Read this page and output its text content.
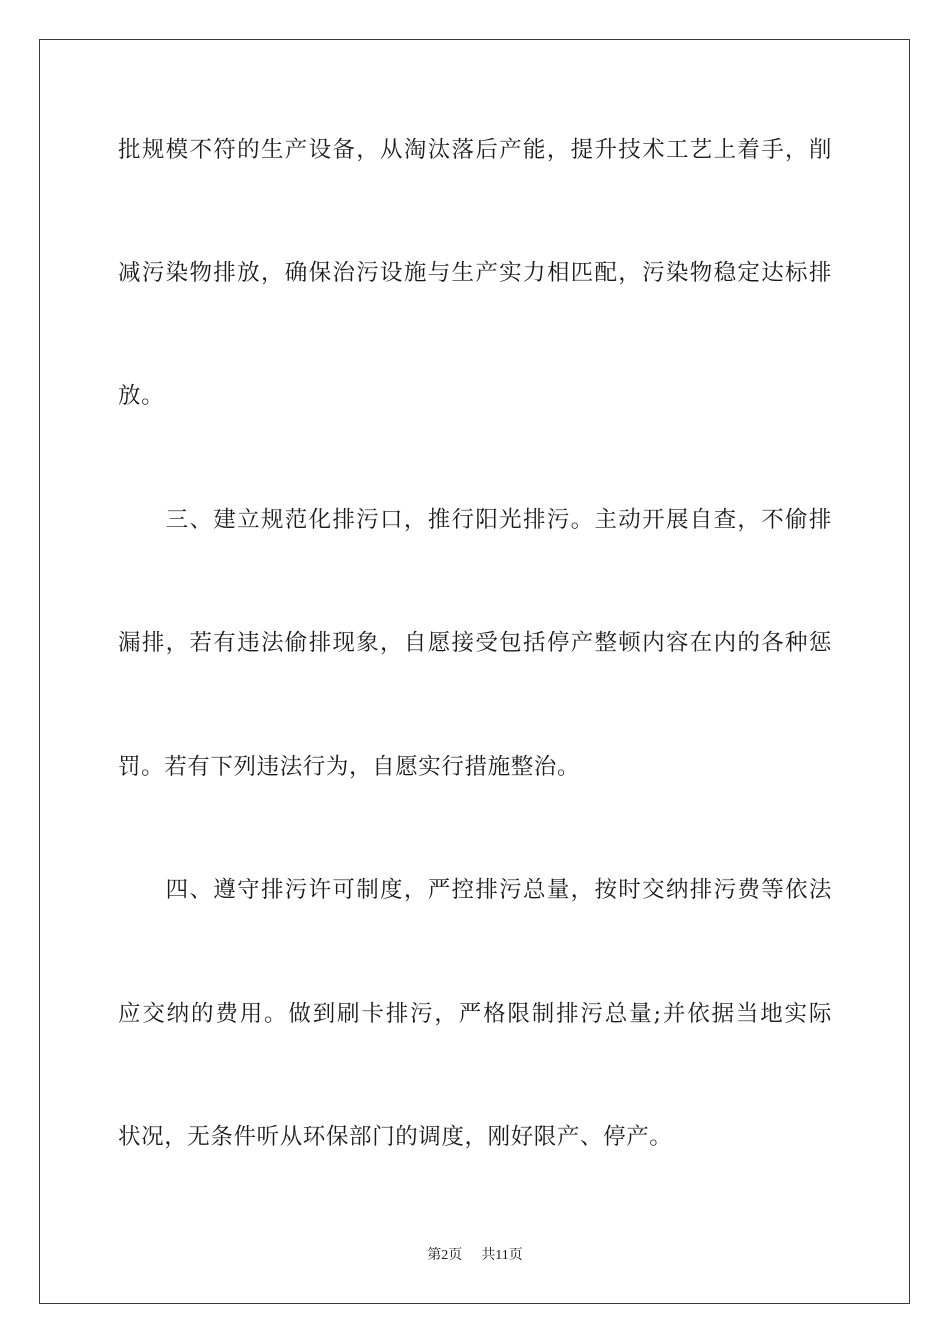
批规模不符的生产设备，从淘汰落后产能，提升技术工艺上着手，削
减污染物排放，确保治污设施与生产实力相匹配，污染物稳定达标排
放。
　　三、建立规范化排污口，推行阳光排污。主动开展自查，不偷排
漏排，若有违法偷排现象，自愿接受包括停产整顿内容在内的各种惩
罚。若有下列违法行为，自愿实行措施整治。
　　四、遵守排污许可制度，严控排污总量，按时交纳排污费等依法
应交纳的费用。做到刷卡排污，严格限制排污总量;并依据当地实际
状况，无条件听从环保部门的调度，刚好限产、停产。
第2页 共11页
